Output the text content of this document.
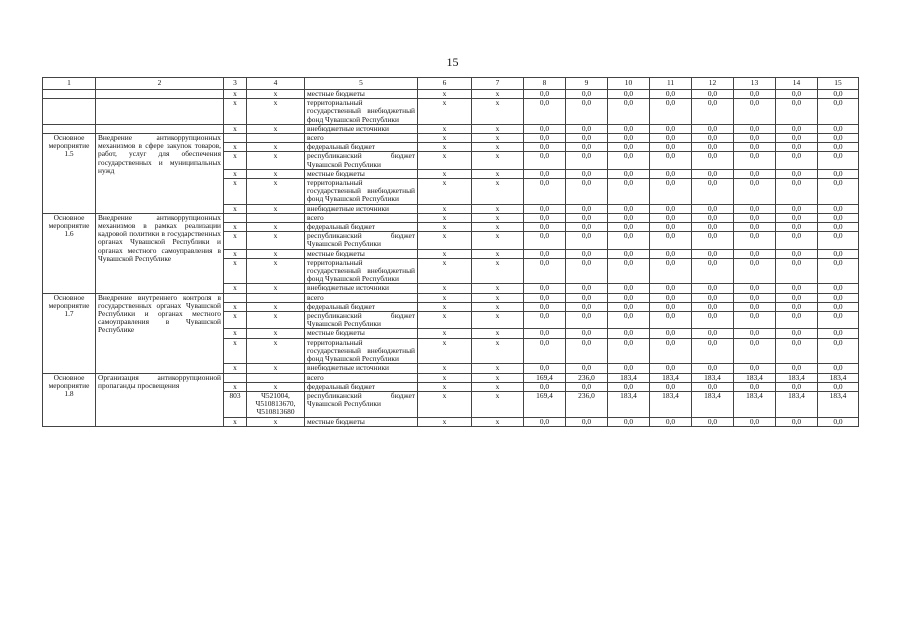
15
1	2	3	4	5	6	7	8	9	10	11	12	13	14	15
		x	x	местные бюджеты	x	x	0,0	0,0	0,0	0,0	0,0	0,0	0,0	0,0
		x	x	территориальный государственный внебюджетный фонд Чувашской Республики	x	x	0,0	0,0	0,0	0,0	0,0	0,0	0,0	0,0
		x	x	внебюджетные источники	x	x	0,0	0,0	0,0	0,0	0,0	0,0	0,0	0,0
Основное мероприятие 1.5	Внедрение антикоррупционных механизмов в сфере закупок товаров, работ, услуг для обеспечения государственных и муниципальных нужд			всего	x	x	0,0	0,0	0,0	0,0	0,0	0,0	0,0	0,0
		x	x	федеральный бюджет	x	x	0,0	0,0	0,0	0,0	0,0	0,0	0,0	0,0
		x	x	республиканский бюджет Чувашской Республики	x	x	0,0	0,0	0,0	0,0	0,0	0,0	0,0	0,0
		x	x	местные бюджеты	x	x	0,0	0,0	0,0	0,0	0,0	0,0	0,0	0,0
		x	x	территориальный государственный внебюджетный фонд Чувашской Республики	x	x	0,0	0,0	0,0	0,0	0,0	0,0	0,0	0,0
		x	x	внебюджетные источники	x	x	0,0	0,0	0,0	0,0	0,0	0,0	0,0	0,0
Основное мероприятие 1.6	Внедрение антикоррупционных механизмов в рамках реализации кадровой политики в государственных органах Чувашской Республики и органах местного самоуправления в Чувашской Республике			всего	x	x	0,0	0,0	0,0	0,0	0,0	0,0	0,0	0,0
		x	x	федеральный бюджет	x	x	0,0	0,0	0,0	0,0	0,0	0,0	0,0	0,0
		x	x	республиканский бюджет Чувашской Республики	x	x	0,0	0,0	0,0	0,0	0,0	0,0	0,0	0,0
		x	x	местные бюджеты	x	x	0,0	0,0	0,0	0,0	0,0	0,0	0,0	0,0
		x	x	территориальный государственный внебюджетный фонд Чувашской Республики	x	x	0,0	0,0	0,0	0,0	0,0	0,0	0,0	0,0
		x	x	внебюджетные источники	x	x	0,0	0,0	0,0	0,0	0,0	0,0	0,0	0,0
Основное мероприятие 1.7	Внедрение внутреннего контроля в государственных органах Чувашской Республики и органах местного самоуправления в Чувашской Республике			всего	x	x	0,0	0,0	0,0	0,0	0,0	0,0	0,0	0,0
		x	x	федеральный бюджет	x	x	0,0	0,0	0,0	0,0	0,0	0,0	0,0	0,0
		x	x	республиканский бюджет Чувашской Республики	x	x	0,0	0,0	0,0	0,0	0,0	0,0	0,0	0,0
		x	x	местные бюджеты	x	x	0,0	0,0	0,0	0,0	0,0	0,0	0,0	0,0
		x	x	территориальный государственный внебюджетный фонд Чувашской Республики	x	x	0,0	0,0	0,0	0,0	0,0	0,0	0,0	0,0
		x	x	внебюджетные источники	x	x	0,0	0,0	0,0	0,0	0,0	0,0	0,0	0,0
Основное мероприятие 1.8	Организация антикоррупционной пропаганды просвещения			всего	x	x	169,4	236,0	183,4	183,4	183,4	183,4	183,4	183,4
		x	x	федеральный бюджет	x	x	0,0	0,0	0,0	0,0	0,0	0,0	0,0	0,0
		803	Ч521004, Ч510813670, Ч510813680	республиканский бюджет Чувашской Республики	x	x	169,4	236,0	183,4	183,4	183,4	183,4	183,4	183,4
		x	x	местные бюджеты	x	x	0,0	0,0	0,0	0,0	0,0	0,0	0,0	0,0
